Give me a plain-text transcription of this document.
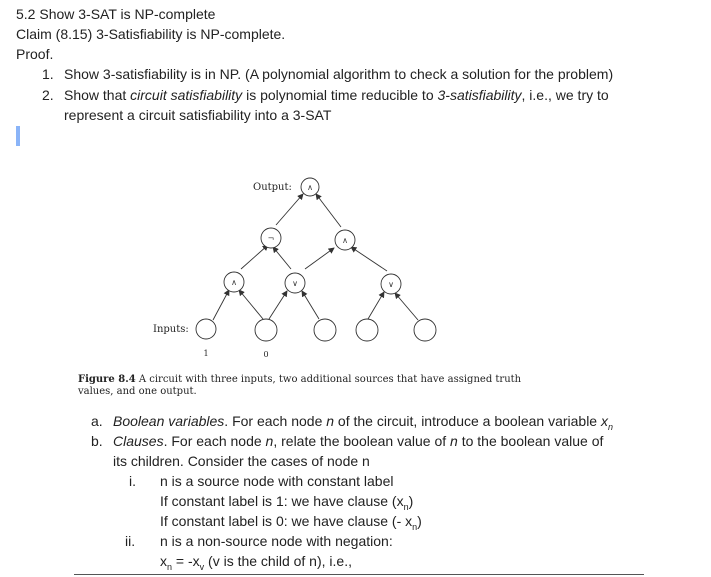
5.2 Show 3-SAT is NP-complete
Claim (8.15) 3-Satisfiability is NP-complete.
Proof.
1. Show 3-satisfiability is in NP. (A polynomial algorithm to check a solution for the problem)
2. Show that circuit satisfiability is polynomial time reducible to 3-satisfiability, i.e., we try to
represent a circuit satisfiability into a 3-SAT
∧
¬	∧
∧	∨	∨
Output:
Inputs:
1	0
Figure 8.4 A circuit with three inputs, two additional sources that have assigned truth
values, and one output.
a. Boolean variables. For each node n of the circuit, introduce a boolean variable $x_n$
b. Clauses. For each node n, relate the boolean value of n to the boolean value of
its children. Consider the cases of node n
i. n is a source node with constant label
If constant label is 1: we have clause $(x_n)$
If constant label is 0: we have clause (- $x_n$)
ii. n is a non-source node with negation:
$x_n = -x_v$ (v is the child of n), i.e.,
